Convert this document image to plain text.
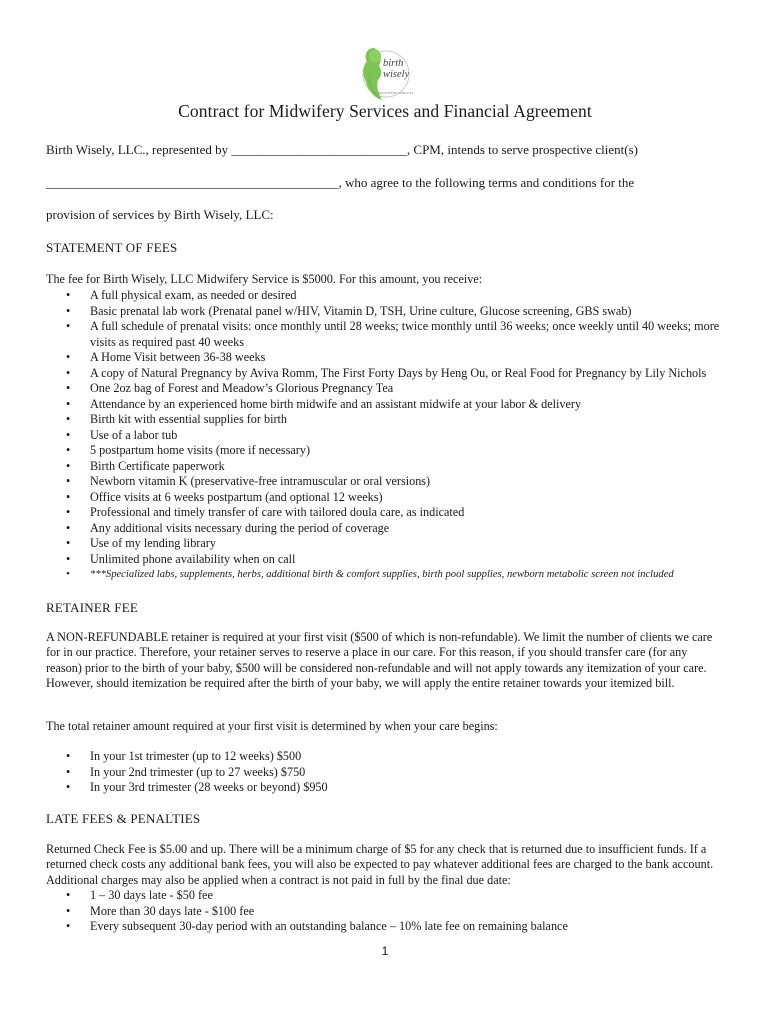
birth
wisely
MIDWIFERY SERVICES
Contract for Midwifery Services and Financial Agreement
Birth Wisely, LLC., represented by ___________________________, CPM, intends to serve prospective client(s)
_____________________________________________, who agree to the following terms and conditions for the
provision of services by Birth Wisely, LLC:
STATEMENT OF FEES
The fee for Birth Wisely, LLC Midwifery Service is $5000. For this amount, you receive:
• A full physical exam, as needed or desired
• Basic prenatal lab work (Prenatal panel w/HIV, Vitamin D, TSH, Urine culture, Glucose screening, GBS swab)
• A full schedule of prenatal visits: once monthly until 28 weeks; twice monthly until 36 weeks; once weekly until 40 weeks; more visits as required past 40 weeks
• A Home Visit between 36-38 weeks
• A copy of Natural Pregnancy by Aviva Romm, The First Forty Days by Heng Ou, or Real Food for Pregnancy by Lily Nichols
• One 2oz bag of Forest and Meadow’s Glorious Pregnancy Tea
• Attendance by an experienced home birth midwife and an assistant midwife at your labor & delivery
• Birth kit with essential supplies for birth
• Use of a labor tub
• 5 postpartum home visits (more if necessary)
• Birth Certificate paperwork
• Newborn vitamin K (preservative-free intramuscular or oral versions)
• Office visits at 6 weeks postpartum (and optional 12 weeks)
• Professional and timely transfer of care with tailored doula care, as indicated
• Any additional visits necessary during the period of coverage
• Use of my lending library
• Unlimited phone availability when on call
• ***Specialized labs, supplements, herbs, additional birth & comfort supplies, birth pool supplies, newborn metabolic screen not included
RETAINER FEE
A NON-REFUNDABLE retainer is required at your first visit ($500 of which is non-refundable). We limit the number of clients we care for in our practice. Therefore, your retainer serves to reserve a place in our care. For this reason, if you should transfer care (for any reason) prior to the birth of your baby, $500 will be considered non-refundable and will not apply towards any itemization of your care. However, should itemization be required after the birth of your baby, we will apply the entire retainer towards your itemized bill.
The total retainer amount required at your first visit is determined by when your care begins:
• In your 1st trimester (up to 12 weeks) $500
• In your 2nd trimester (up to 27 weeks) $750
• In your 3rd trimester (28 weeks or beyond) $950
LATE FEES & PENALTIES
Returned Check Fee is $5.00 and up. There will be a minimum charge of $5 for any check that is returned due to insufficient funds. If a returned check costs any additional bank fees, you will also be expected to pay whatever additional fees are charged to the bank account. Additional charges may also be applied when a contract is not paid in full by the final due date:
• 1 – 30 days late - $50 fee
• More than 30 days late - $100 fee
• Every subsequent 30-day period with an outstanding balance – 10% late fee on remaining balance
1
